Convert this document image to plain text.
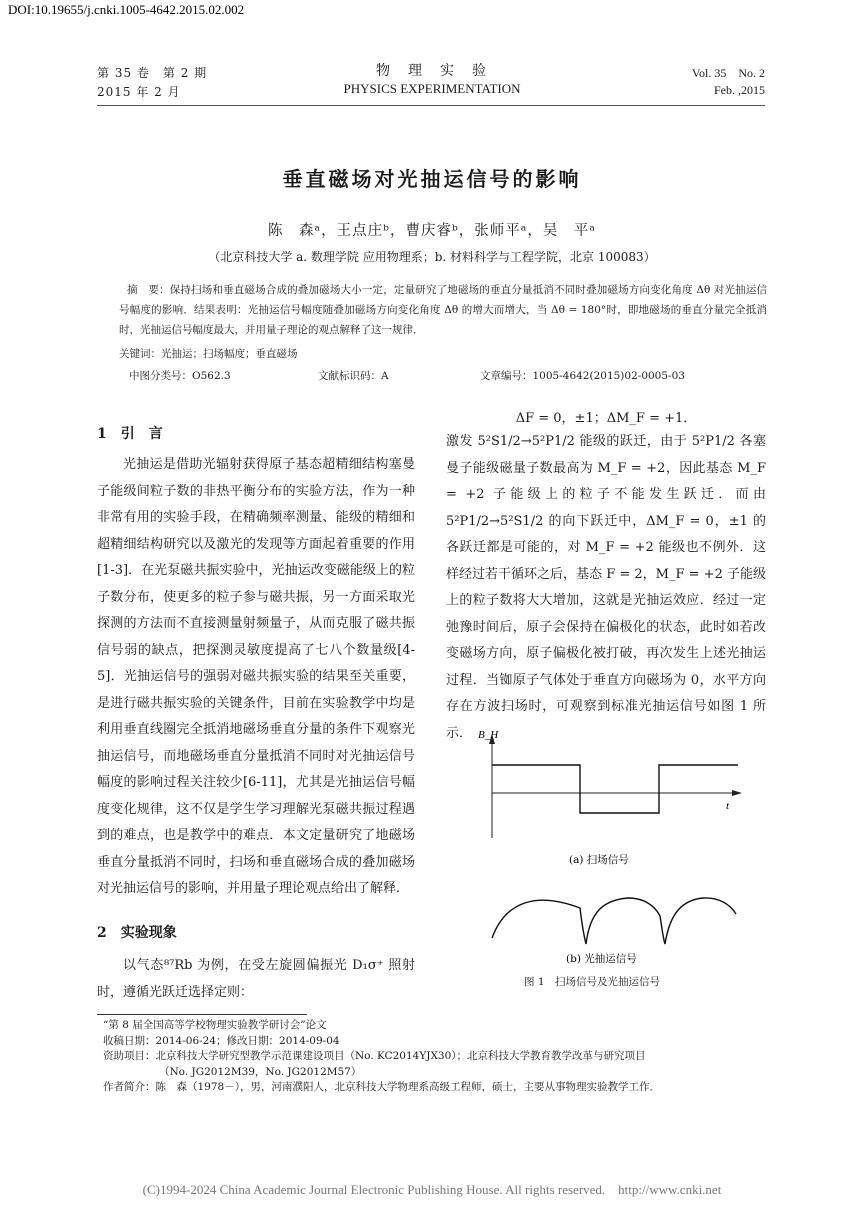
DOI:10.19655/j.cnki.1005-4642.2015.02.002
第 35 卷　第 2 期
2015 年 2 月
物　理　实　验
PHYSICS EXPERIMENTATION
Vol. 35　No. 2
Feb. ,2015
垂直磁场对光抽运信号的影响
陈　森ᵃ，王点庄ᵇ，曹庆睿ᵇ，张师平ᵃ，吴　平ᵃ
（北京科技大学 a. 数理学院 应用物理系；b. 材料科学与工程学院，北京 100083）

摘　要：保持扫场和垂直磁场合成的叠加磁场大小一定，定量研究了地磁场的垂直分量抵消不同时叠加磁场方向变化角度 Δθ 对光抽运信号幅度的影响．结果表明：光抽运信号幅度随叠加磁场方向变化角度 Δθ 的增大而增大，当 Δθ = 180°时，即地磁场的垂直分量完全抵消时，光抽运信号幅度最大，并用量子理论的观点解释了这一规律．

关键词：光抽运；扫场幅度；垂直磁场

中图分类号：O562.3	文献标识码：A	文章编号：1005-4642(2015)02-0005-03
1　引　言

光抽运是借助光辐射获得原子基态超精细结构塞曼子能级间粒子数的非热平衡分布的实验方法，作为一种非常有用的实验手段，在精确频率测量、能级的精细和超精细结构研究以及激光的发现等方面起着重要的作用[1-3]．在光泵磁共振实验中，光抽运改变磁能级上的粒子数分布，使更多的粒子参与磁共振，另一方面采取光探测的方法而不直接测量射频量子，从而克服了磁共振信号弱的缺点，把探测灵敏度提高了七八个数量级[4-5]．光抽运信号的强弱对磁共振实验的结果至关重要，是进行磁共振实验的关键条件，目前在实验教学中均是利用垂直线圈完全抵消地磁场垂直分量的条件下观察光抽运信号，而地磁场垂直分量抵消不同时对光抽运信号幅度的影响过程关注较少[6-11]，尤其是光抽运信号幅度变化规律，这不仅是学生学习理解光泵磁共振过程遇到的难点，也是教学中的难点．本文定量研究了地磁场垂直分量抵消不同时，扫场和垂直磁场合成的叠加磁场对光抽运信号的影响，并用量子理论观点给出了解释．

2　实验现象

以气态⁸⁷Rb 为例，在受左旋圆偏振光 D₁σ⁺ 照射时，遵循光跃迁选择定则：

ΔF = 0，±1；ΔM_F = +1．
激发 5²S1/2→5²P1/2 能级的跃迁，由于 5²P1/2 各塞曼子能级磁量子数最高为 M_F = +2，因此基态 M_F = +2 子能级上的粒子不能发生跃迁．而由 5²P1/2→5²S1/2 的向下跃迁中，ΔM_F = 0，±1 的各跃迁都是可能的，对 M_F = +2 能级也不例外．这样经过若干循环之后，基态 F = 2，M_F = +2 子能级上的粒子数将大大增加，这就是光抽运效应．经过一定弛豫时间后，原子会保持在偏极化的状态，此时如若改变磁场方向，原子偏极化被打破，再次发生上述光抽运过程．当铷原子气体处于垂直方向磁场为 0，水平方向存在方波扫场时，可观察到标准光抽运信号如图 1 所示． B_H
t
(a) 扫场信号
(b) 光抽运信号
图 1　扫场信号及光抽运信号

“第 8 届全国高等学校物理实验教学研讨会”论文

收稿日期：2014-06-24；修改日期：2014-09-04

资助项目：北京科技大学研究型教学示范课建设项目（No. KC2014YJX30）；北京科技大学教育教学改革与研究项目

（No. JG2012M39，No. JG2012M57）

作者简介：陈　森（1978－），男，河南濮阳人，北京科技大学物理系高级工程师，硕士，主要从事物理实验教学工作．

(C)1994-2024 China Academic Journal Electronic Publishing House. All rights reserved.　http://www.cnki.net
